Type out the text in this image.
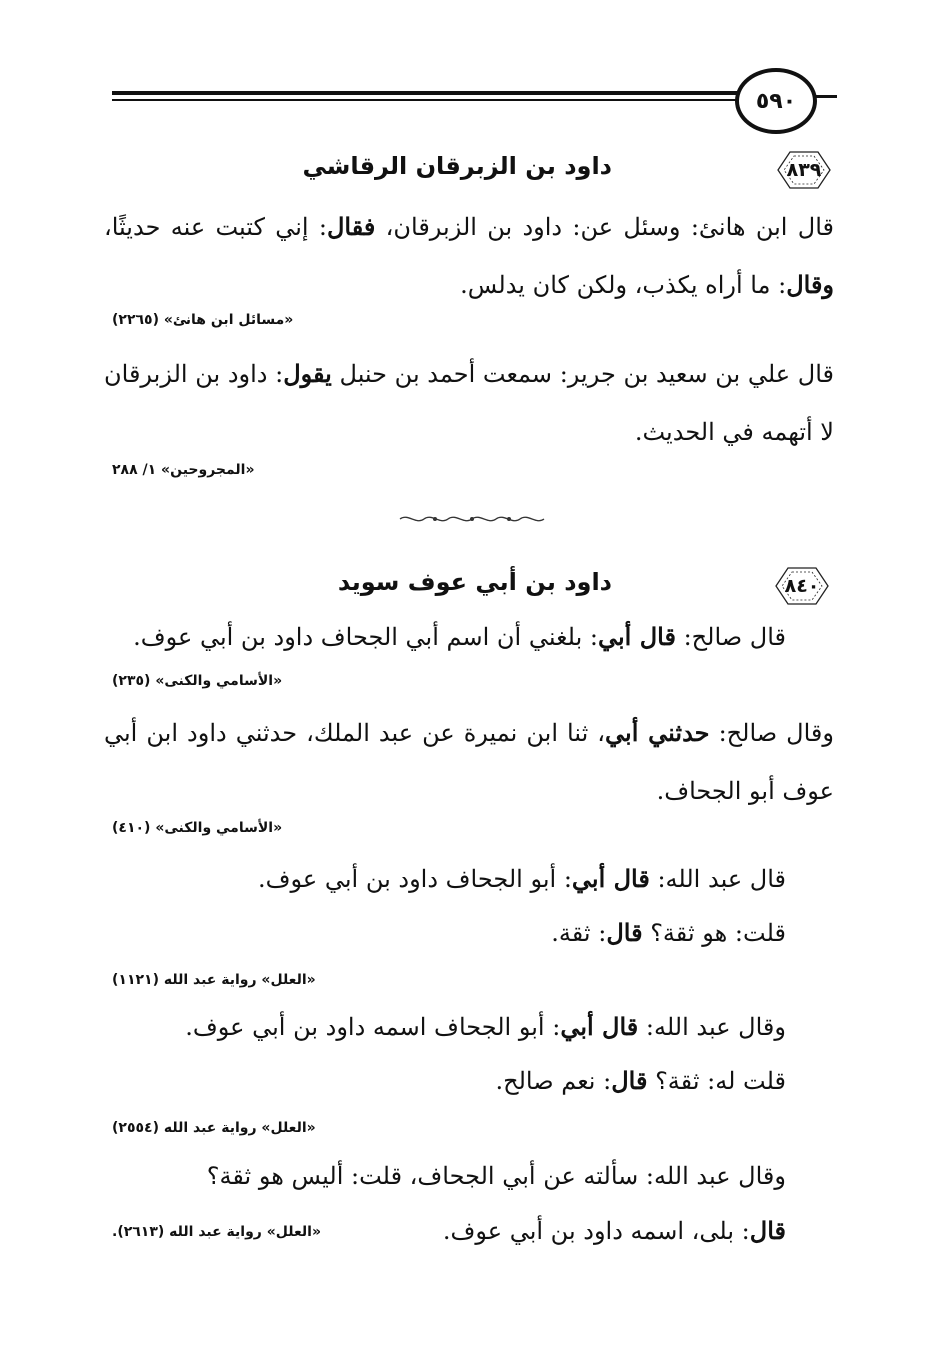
٥٩٠
٨٣٩
داود بن الزبرقان الرقاشي
قال ابن هانئ: وسئل عن: داود بن الزبرقان، فقال: إني كتبت عنه حديثًا، وقال: ما أراه يكذب، ولكن كان يدلس.
«مسائل ابن هانئ» (٢٢٦٥)
قال علي بن سعيد بن جرير: سمعت أحمد بن حنبل يقول: داود بن الزبرقان لا أتهمه في الحديث.
«المجروحين» ١/ ٢٨٨
٨٤٠
داود بن أبي عوف سويد
قال صالح: قال أبي: بلغني أن اسم أبي الجحاف داود بن أبي عوف.
«الأسامي والكنى» (٢٣٥)
وقال صالح: حدثني أبي، ثنا ابن نميرة عن عبد الملك، حدثني داود ابن أبي عوف أبو الجحاف.
«الأسامي والكنى» (٤١٠)
قال عبد الله: قال أبي: أبو الجحاف داود بن أبي عوف.
قلت: هو ثقة؟ قال: ثقة.
«العلل» رواية عبد الله (١١٢١)
وقال عبد الله: قال أبي: أبو الجحاف اسمه داود بن أبي عوف.
قلت له: ثقة؟ قال: نعم صالح.
«العلل» رواية عبد الله (٢٥٥٤)
وقال عبد الله: سألته عن أبي الجحاف، قلت: أليس هو ثقة؟
قال: بلى، اسمه داود بن أبي عوف.
«العلل» رواية عبد الله (٢٦١٣).
